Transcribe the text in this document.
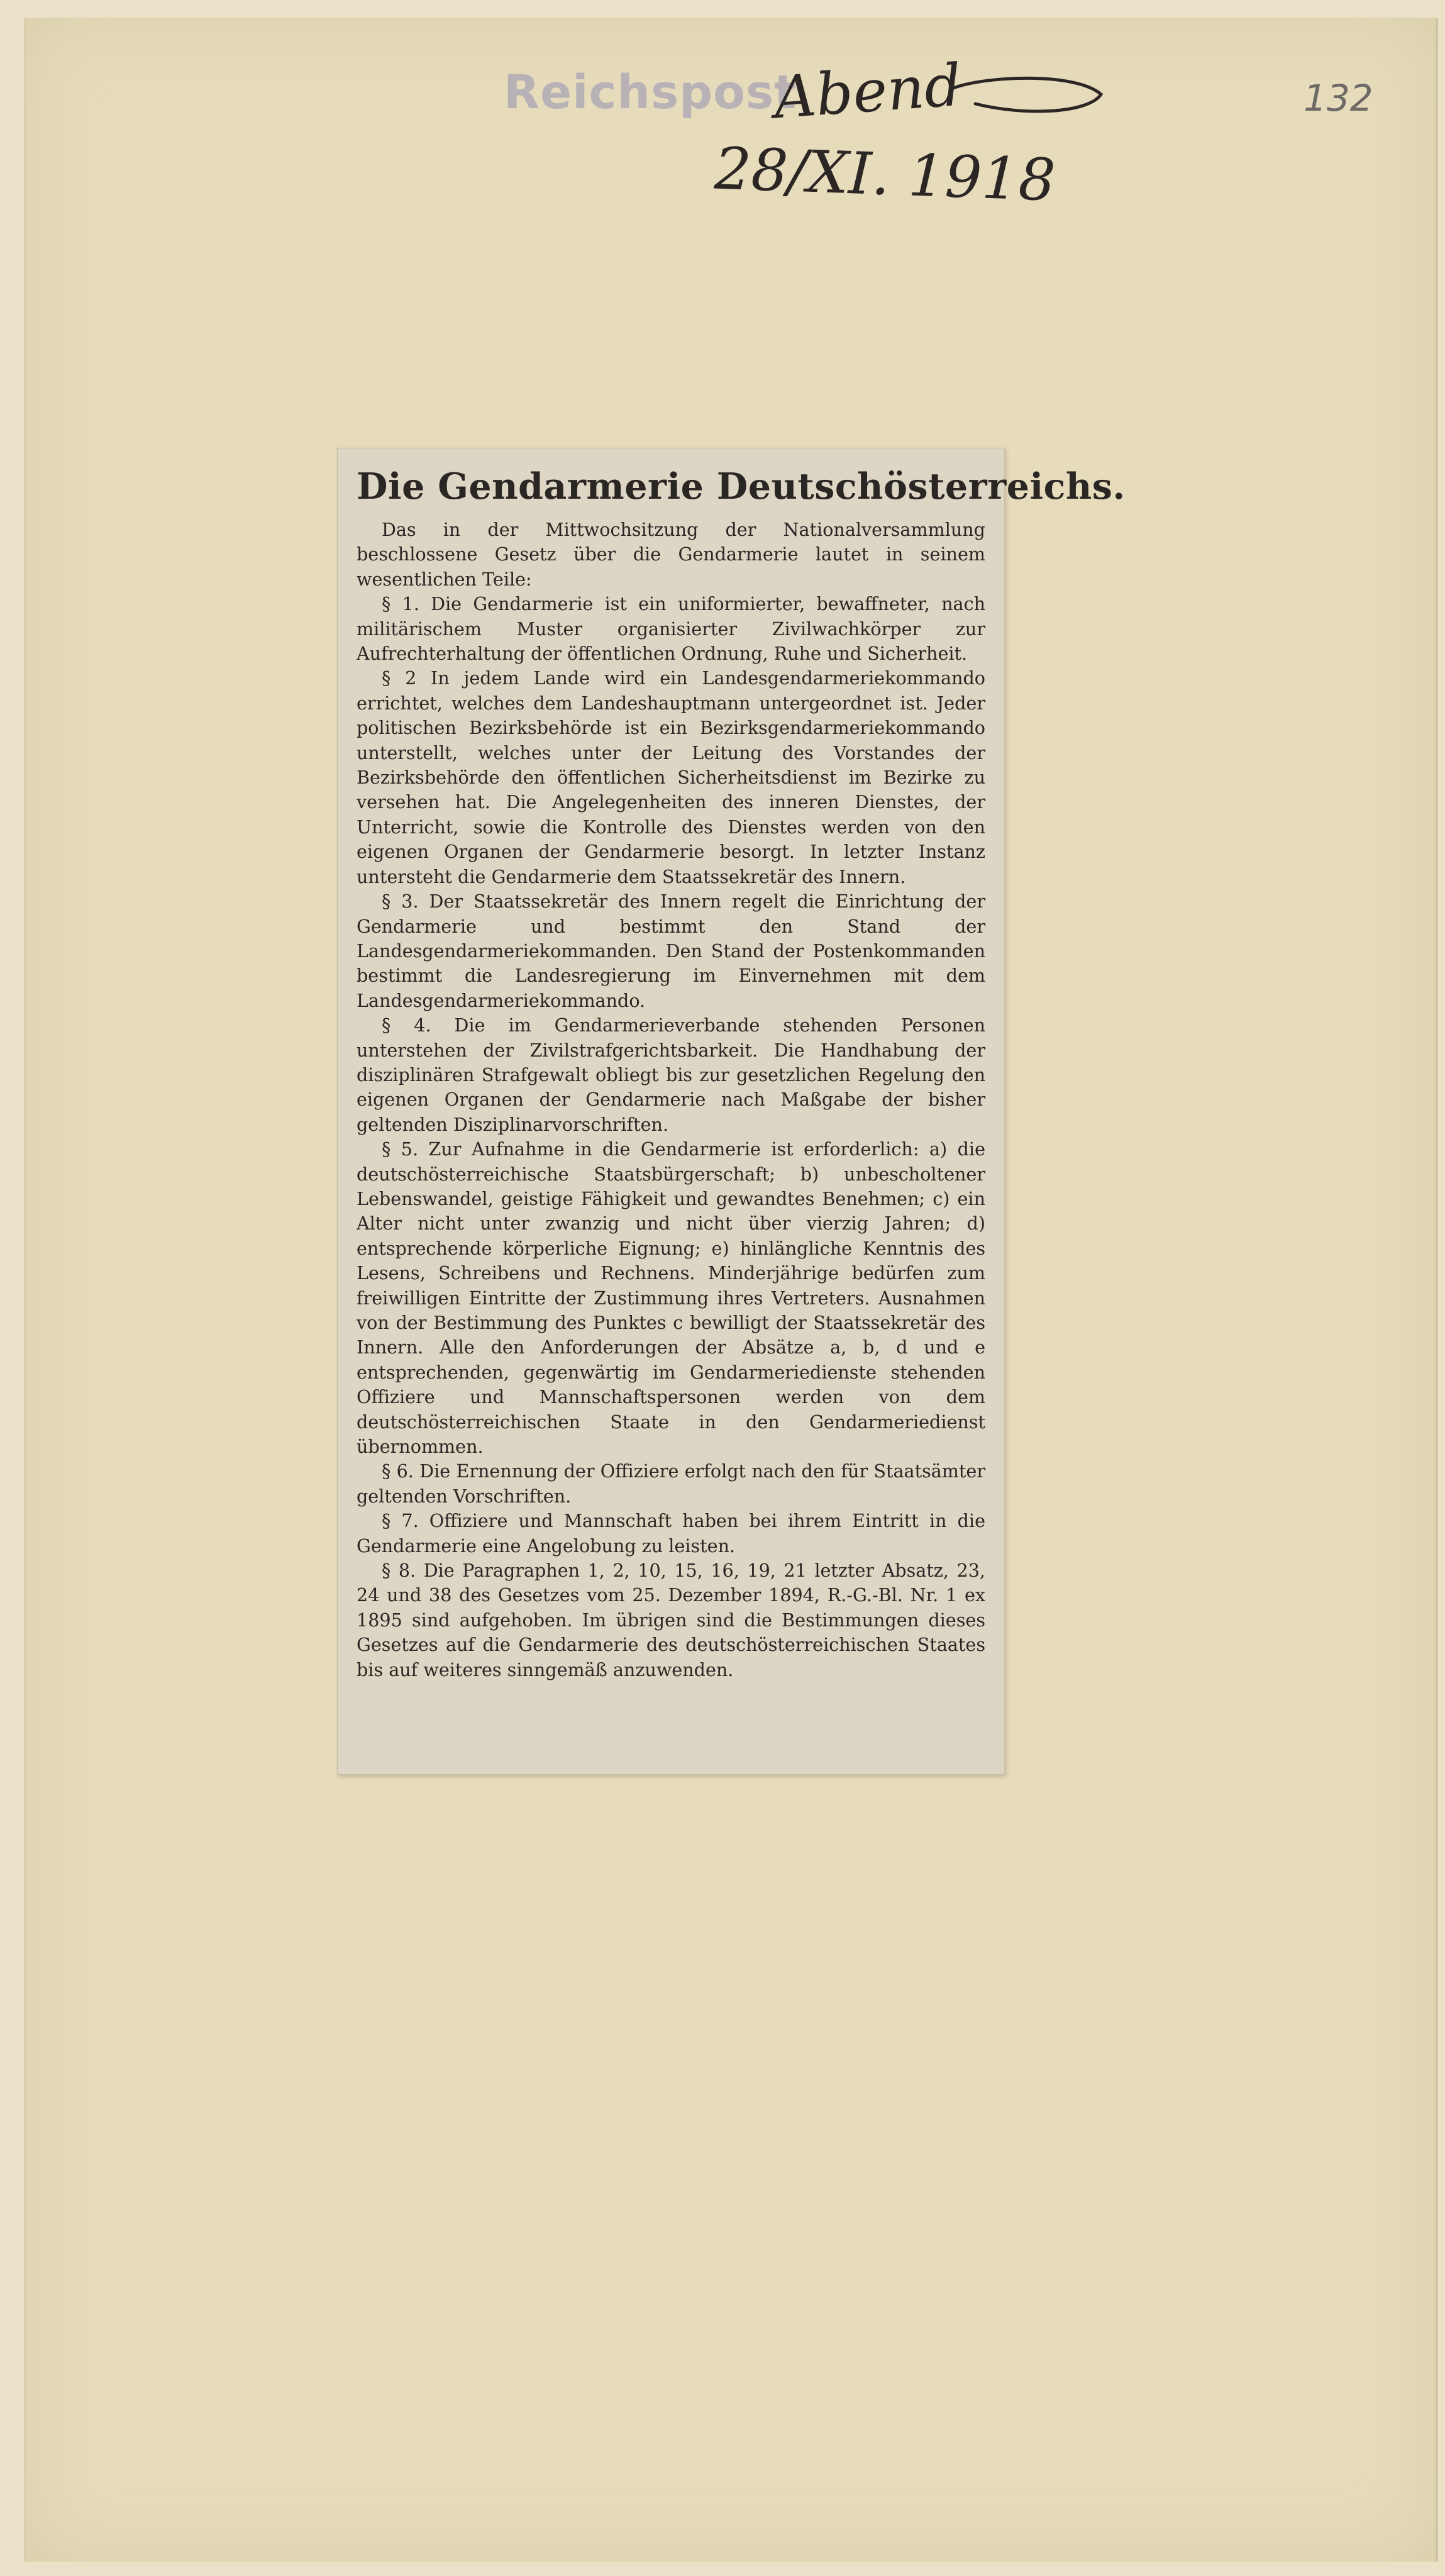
Reichspost
Abend
28/XI. 1918
132
Die Gendarmerie Deutschösterreichs.

Das in der Mittwochsitzung der Nationalversammlung beschlossene Gesetz über die Gendarmerie lautet in seinem wesentlichen Teile:

§ 1. Die Gendarmerie ist ein uniformierter, bewaffneter, nach militärischem Muster organisierter Zivilwachkörper zur Aufrechterhaltung der öffentlichen Ordnung, Ruhe und Sicherheit.

§ 2 In jedem Lande wird ein Landesgendarmeriekommando errichtet, welches dem Landeshauptmann untergeordnet ist. Jeder politischen Bezirksbehörde ist ein Bezirksgendarmeriekommando unterstellt, welches unter der Leitung des Vorstandes der Bezirksbehörde den öffentlichen Sicherheitsdienst im Bezirke zu versehen hat. Die Angelegenheiten des inneren Dienstes, der Unterricht, sowie die Kontrolle des Dienstes werden von den eigenen Organen der Gendarmerie besorgt. In letzter Instanz untersteht die Gendarmerie dem Staatssekretär des Innern.

§ 3. Der Staatssekretär des Innern regelt die Einrichtung der Gendarmerie und bestimmt den Stand der Landesgendarmeriekommanden. Den Stand der Postenkommanden bestimmt die Landesregierung im Einvernehmen mit dem Landesgendarmeriekommando.

§ 4. Die im Gendarmerieverbande stehenden Personen unterstehen der Zivilstrafgerichtsbarkeit. Die Handhabung der disziplinären Strafgewalt obliegt bis zur gesetzlichen Regelung den eigenen Organen der Gendarmerie nach Maßgabe der bisher geltenden Disziplinarvorschriften.

§ 5. Zur Aufnahme in die Gendarmerie ist erforderlich: a) die deutschösterreichische Staatsbürgerschaft; b) unbescholtener Lebenswandel, geistige Fähigkeit und gewandtes Benehmen; c) ein Alter nicht unter zwanzig und nicht über vierzig Jahren; d) entsprechende körperliche Eignung; e) hinlängliche Kenntnis des Lesens, Schreibens und Rechnens. Minderjährige bedürfen zum freiwilligen Eintritte der Zustimmung ihres Vertreters. Ausnahmen von der Bestimmung des Punktes c bewilligt der Staatssekretär des Innern. Alle den Anforderungen der Absätze a, b, d und e entsprechenden, gegenwärtig im Gendarmeriedienste stehenden Offiziere und Mannschaftspersonen werden von dem deutschösterreichischen Staate in den Gendarmeriedienst übernommen.

§ 6. Die Ernennung der Offiziere erfolgt nach den für Staatsämter geltenden Vorschriften.

§ 7. Offiziere und Mannschaft haben bei ihrem Eintritt in die Gendarmerie eine Angelobung zu leisten.

§ 8. Die Paragraphen 1, 2, 10, 15, 16, 19, 21 letzter Absatz, 23, 24 und 38 des Gesetzes vom 25. Dezember 1894, R.-G.-Bl. Nr. 1 ex 1895 sind aufgehoben. Im übrigen sind die Bestimmungen dieses Gesetzes auf die Gendarmerie des deutschösterreichischen Staates bis auf weiteres sinngemäß anzuwenden.
